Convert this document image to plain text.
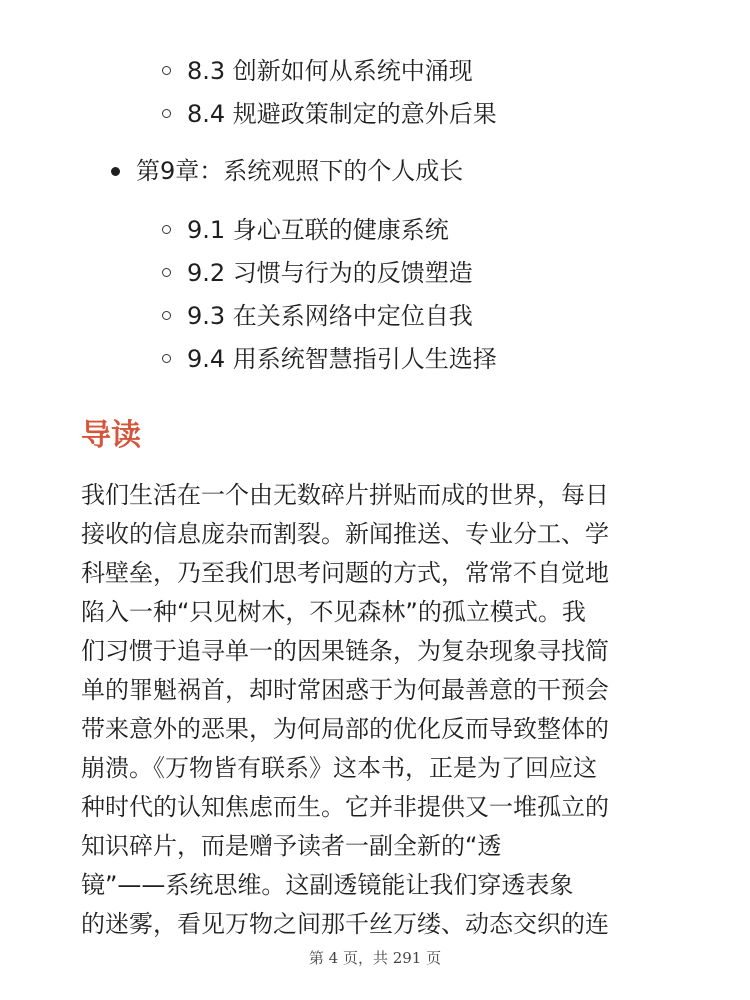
8.3 创新如何从系统中涌现
8.4 规避政策制定的意外后果
第9章：系统观照下的个人成长
9.1 身心互联的健康系统
9.2 习惯与行为的反馈塑造
9.3 在关系网络中定位自我
9.4 用系统智慧指引人生选择
导读
我们生活在一个由无数碎片拼贴而成的世界，每日
接收的信息庞杂而割裂。新闻推送、专业分工、学
科壁垒，乃至我们思考问题的方式，常常不自觉地
陷入一种“只见树木，不见森林”的孤立模式。我
们习惯于追寻单一的因果链条，为复杂现象寻找简
单的罪魁祸首，却时常困惑于为何最善意的干预会
带来意外的恶果，为何局部的优化反而导致整体的
崩溃。《万物皆有联系》这本书，正是为了回应这
种时代的认知焦虑而生。它并非提供又一堆孤立的
知识碎片，而是赠予读者一副全新的“透
镜”——系统思维。这副透镜能让我们穿透表象
的迷雾，看见万物之间那千丝万缕、动态交织的连
第 4 页，共 291 页
